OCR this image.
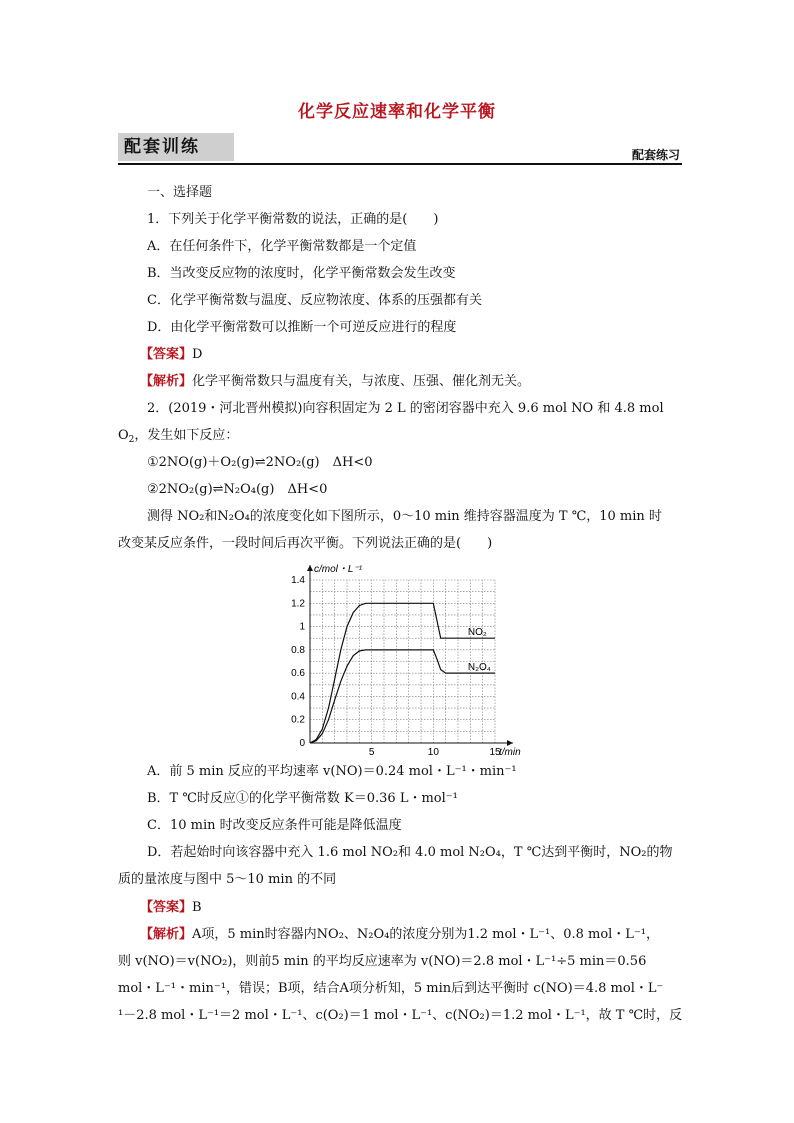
化学反应速率和化学平衡
配套训练	配套练习
一、选择题
1．下列关于化学平衡常数的说法，正确的是(　　)
A．在任何条件下，化学平衡常数都是一个定值
B．当改变反应物的浓度时，化学平衡常数会发生改变
C．化学平衡常数与温度、反应物浓度、体系的压强都有关
D．由化学平衡常数可以推断一个可逆反应进行的程度
【答案】D
【解析】化学平衡常数只与温度有关，与浓度、压强、催化剂无关。
2．(2019・河北晋州模拟)向容积固定为 2 L 的密闭容器中充入 9.6 mol NO 和 4.8 mol
$O_2$，发生如下反应：
①2NO(g)＋O₂(g)⇌2NO₂(g)　ΔH<0
②2NO₂(g)⇌N₂O₄(g)　ΔH<0
测得 NO₂和N₂O₄的浓度变化如下图所示，0～10 min 维持容器温度为 T ℃，10 min 时
改变某反应条件，一段时间后再次平衡。下列说法正确的是(　　)
0
0.2
0.4
0.6
0.8
1
1.2
1.4
5	10	15
c/mol・L⁻¹
t/min
NO₂
N₂O₄
A．前 5 min 反应的平均速率 v(NO)＝0.24 mol・L⁻¹・min⁻¹
B．T ℃时反应①的化学平衡常数 K＝0.36 L・mol⁻¹
C．10 min 时改变反应条件可能是降低温度
D．若起始时向该容器中充入 1.6 mol NO₂和 4.0 mol N₂O₄，T ℃达到平衡时，NO₂的物
质的量浓度与图中 5～10 min 的不同
【答案】B
【解析】A项，5 min时容器内NO₂、N₂O₄的浓度分别为1.2 mol・L⁻¹、0.8 mol・L⁻¹，
则 v(NO)＝v(NO₂)，则前5 min 的平均反应速率为 v(NO)＝2.8 mol・L⁻¹÷5 min＝0.56
mol・L⁻¹・min⁻¹，错误；B项，结合A项分析知，5 min后到达平衡时 c(NO)＝4.8 mol・L⁻
¹－2.8 mol・L⁻¹＝2 mol・L⁻¹、c(O₂)＝1 mol・L⁻¹、c(NO₂)＝1.2 mol・L⁻¹，故 T ℃时，反
